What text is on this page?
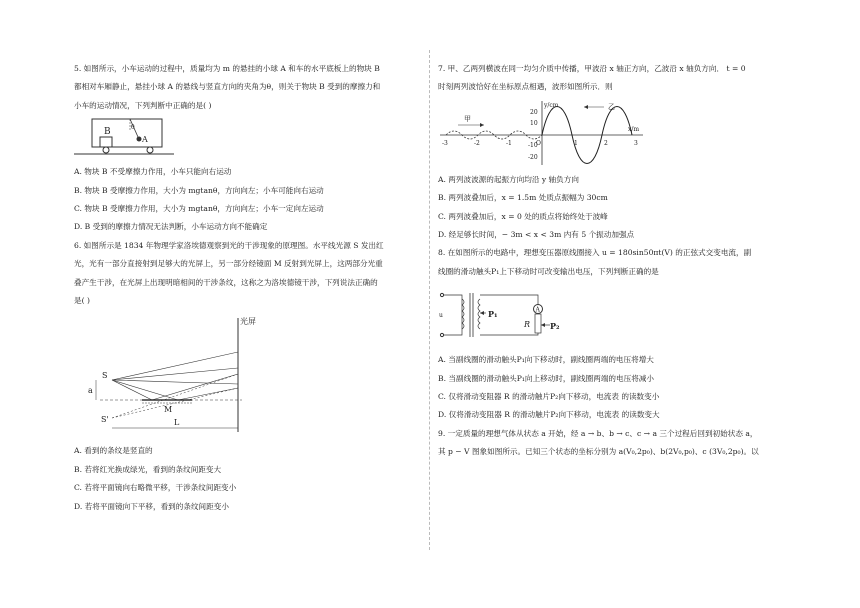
5. 如图所示，小车运动的过程中，质量均为 m 的悬挂的小球 A 和车的水平底板上的物块 B

都相对车厢静止，悬挂小球 A 的悬线与竖直方向的夹角为θ，则关于物块 B 受到的摩擦力和

小车的运动情况，下列判断中正确的是( )

B
A
θ

A. 物块 B 不受摩擦力作用，小车只能向右运动

B. 物块 B 受摩擦力作用，大小为 mgtanθ，方向向左；小车可能向右运动

C. 物块 B 受摩擦力作用，大小为 mgtanθ，方向向左；小车一定向左运动

D. B 受到的摩擦力情况无法判断，小车运动方向不能确定

6. 如图所示是 1834 年物理学家洛埃德观察到光的干涉现象的原理图。水平线光源 S 发出红

光，光有一部分直接射到足够大的光屏上，另一部分经镜面 M 反射到光屏上，这两部分光重

叠产生干涉，在光屏上出现明暗相间的干涉条纹，这称之为洛埃德镜干涉，下列说法正确的

是( )

光屏
S
S'
a
M
L

A. 看到的条纹是竖直的

B. 若将红光换成绿光，看到的条纹间距变大

C. 若将平面镜向右略微平移，干涉条纹间距变小

D. 若将平面镜向下平移，看到的条纹间距变小

7. 甲、乙两列横波在同一均匀介质中传播，甲波沿 x 轴正方向，乙波沿 x 轴负方向． t = 0

时刻两列波恰好在坐标原点相遇，波形如图所示．则

y/cm
x/m
20
10
-10
-20
-3	-2	-1	O	1	2	3
甲
乙

A. 两列波波源的起振方向均沿 y 轴负方向

B. 两列波叠加后，x = 1.5m 处质点振幅为 30cm

C. 两列波叠加后，x = 0 处的质点将始终处于波峰

D. 经足够长时间，− 3m < x < 3m 内有 5 个振动加强点

8. 在如图所示的电路中，理想变压器原线圈接入 u = 180sin50πt(V) 的正弦式交变电流，副

线圈的滑动触头P₁上下移动时可改变输出电压，下列判断正确的是

u	P₁	A
R P₂

A. 当副线圈的滑动触头P₁向下移动时，副线圈两端的电压将增大

B. 当副线圈的滑动触头P₁向上移动时，副线圈两端的电压将减小

C. 仅将滑动变阻器 R 的滑动触片P₂向下移动，电流表 的读数变小

D. 仅将滑动变阻器 R 的滑动触片P₂向下移动，电流表 的读数变大

9. 一定质量的理想气体从状态 a 开始，经 a → b、b → c、c → a 三个过程后回到初始状态 a，

其 p − V 图象如图所示。已知三个状态的坐标分别为 a(V₀,2p₀)、b(2V₀,p₀)、c (3V₀,2p₀)。以
